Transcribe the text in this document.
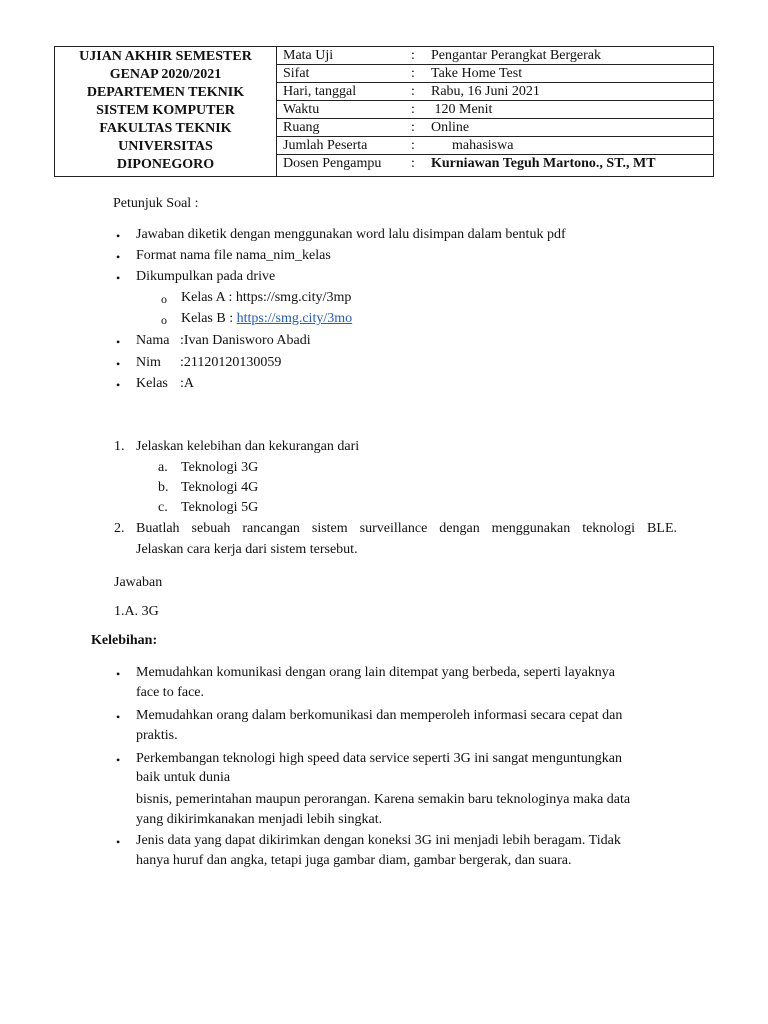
UJIAN AKHIR SEMESTER
GENAP 2020/2021
DEPARTEMEN TEKNIK
SISTEM KOMPUTER
FAKULTAS TEKNIK
UNIVERSITAS
DIPONEGORO
Mata Uji	: Pengantar Perangkat Bergerak
Sifat	: Take Home Test
Hari, tanggal	: Rabu, 16 Juni 2021
Waktu	: 120 Menit
Ruang	: Online
Jumlah Peserta	: mahasiswa
Dosen Pengampu : Kurniawan Teguh Martono., ST., MT
Petunjuk Soal :
• Jawaban diketik dengan menggunakan word lalu disimpan dalam bentuk pdf
• Format nama file nama_nim_kelas
• Dikumpulkan pada drive
o Kelas A : https://smg.city/3mp
o Kelas B : https://smg.city/3mo
• Nama :Ivan Danisworo Abadi
• Nim :21120120130059
• Kelas :A
1. Jelaskan kelebihan dan kekurangan dari
a. Teknologi 3G
b. Teknologi 4G
c. Teknologi 5G
2. Buatlah sebuah rancangan sistem surveillance dengan menggunakan teknologi BLE.
Jelaskan cara kerja dari sistem tersebut.
Jawaban
1.A. 3G
Kelebihan:
• Memudahkan komunikasi dengan orang lain ditempat yang berbeda, seperti layaknya
face to face.
• Memudahkan orang dalam berkomunikasi dan memperoleh informasi secara cepat dan
praktis.
• Perkembangan teknologi high speed data service seperti 3G ini sangat menguntungkan
baik untuk dunia
bisnis, pemerintahan maupun perorangan. Karena semakin baru teknologinya maka data
yang dikirimkanakan menjadi lebih singkat.
• Jenis data yang dapat dikirimkan dengan koneksi 3G ini menjadi lebih beragam. Tidak
hanya huruf dan angka, tetapi juga gambar diam, gambar bergerak, dan suara.
